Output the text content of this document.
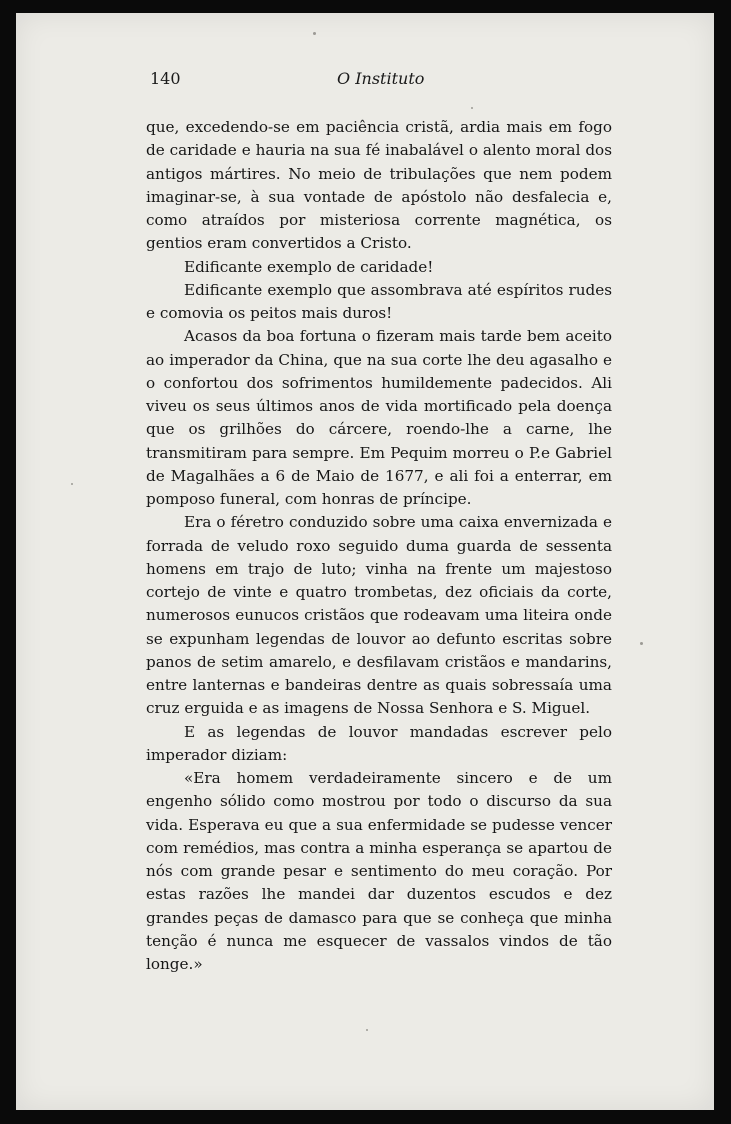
140	O Instituto

que, excedendo-se em paciência cristã, ardia mais em fogo de caridade e hauria na sua fé inabalável o alento moral dos antigos mártires. No meio de tribulações que nem podem imaginar-se, à sua vontade de apóstolo não desfalecia e, como atraídos por misteriosa corrente magnética, os gentios eram convertidos a Cristo.

Edificante exemplo de caridade!

Edificante exemplo que assombrava até espíritos rudes e comovia os peitos mais duros!

Acasos da boa fortuna o fizeram mais tarde bem aceito ao imperador da China, que na sua corte lhe deu agasalho e o confortou dos sofrimentos humildemente padecidos. Ali viveu os seus últimos anos de vida mortificado pela doença que os grilhões do cárcere, roendo-lhe a carne, lhe transmitiram para sempre. Em Pequim morreu o P.e Gabriel de Magalhães a 6 de Maio de 1677, e ali foi a enterrar, em pomposo funeral, com honras de príncipe.

Era o féretro conduzido sobre uma caixa envernizada e forrada de veludo roxo seguido duma guarda de sessenta homens em trajo de luto; vinha na frente um majestoso cortejo de vinte e quatro trombetas, dez oficiais da corte, numerosos eunucos cristãos que rodeavam uma liteira onde se expunham legendas de louvor ao defunto escritas sobre panos de setim amarelo, e desfilavam cristãos e mandarins, entre lanternas e bandeiras dentre as quais sobressaía uma cruz erguida e as imagens de Nossa Senhora e S. Miguel.

E as legendas de louvor mandadas escrever pelo imperador diziam:

«Era homem verdadeiramente sincero e de um engenho sólido como mostrou por todo o discurso da sua vida. Esperava eu que a sua enfermidade se pudesse vencer com remédios, mas contra a minha esperança se apartou de nós com grande pesar e sentimento do meu coração. Por estas razões lhe mandei dar duzentos escudos e dez grandes peças de damasco para que se conheça que minha tenção é nunca me esquecer de vassalos vindos de tão longe.»
